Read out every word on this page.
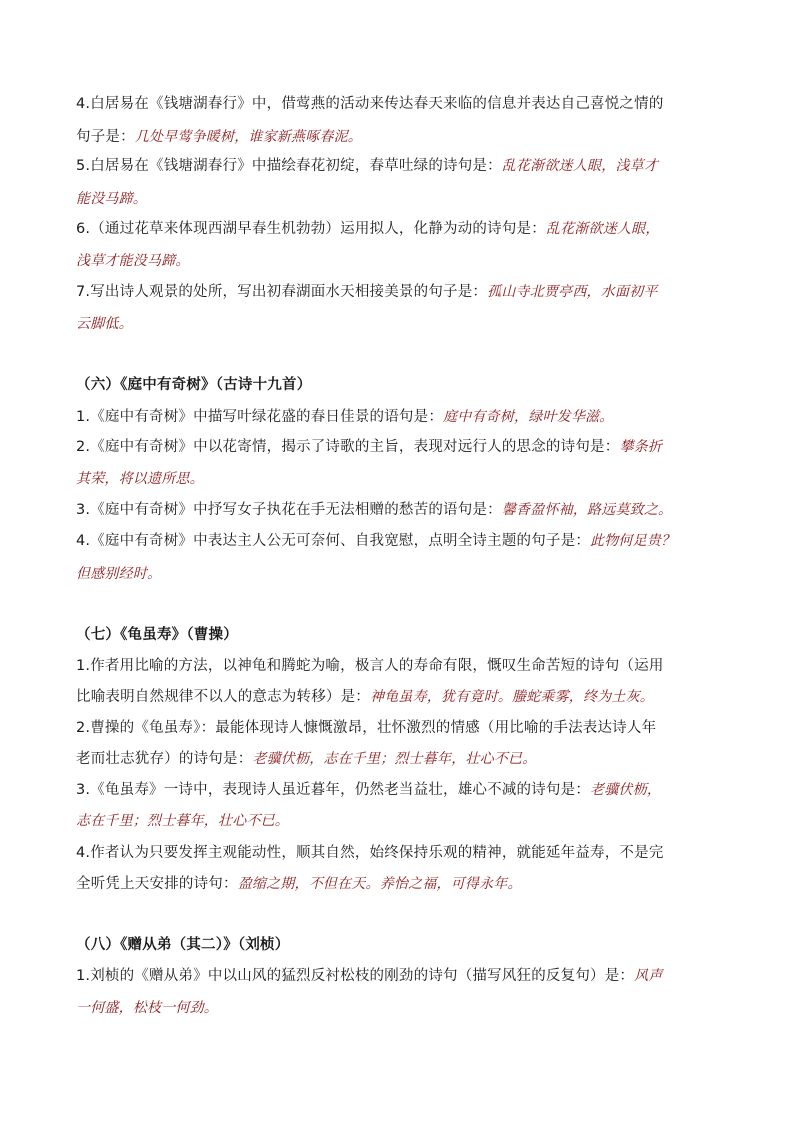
4.白居易在《钱塘湖春行》中，借莺燕的活动来传达春天来临的信息并表达自己喜悦之情的
句子是：几处早莺争暖树，谁家新燕啄春泥。
5.白居易在《钱塘湖春行》中描绘春花初绽，春草吐绿的诗句是：乱花渐欲迷人眼，浅草才
能没马蹄。
6.（通过花草来体现西湖早春生机勃勃）运用拟人，化静为动的诗句是：乱花渐欲迷人眼，
浅草才能没马蹄。
7.写出诗人观景的处所，写出初春湖面水天相接美景的句子是：孤山寺北贾亭西，水面初平
云脚低。
（六）《庭中有奇树》（古诗十九首）
1.《庭中有奇树》中描写叶绿花盛的春日佳景的语句是：庭中有奇树，绿叶发华滋。
2.《庭中有奇树》中以花寄情，揭示了诗歌的主旨，表现对远行人的思念的诗句是：攀条折
其荣，将以遗所思。
3.《庭中有奇树》中抒写女子执花在手无法相赠的愁苦的语句是：馨香盈怀袖，路远莫致之。
4.《庭中有奇树》中表达主人公无可奈何、自我宽慰，点明全诗主题的句子是：此物何足贵？
但感别经时。
（七）《龟虽寿》（曹操）
1.作者用比喻的方法，以神龟和腾蛇为喻，极言人的寿命有限，慨叹生命苦短的诗句（运用
比喻表明自然规律不以人的意志为转移）是：神龟虽寿，犹有竟时。螣蛇乘雾，终为土灰。
2.曹操的《龟虽寿》：最能体现诗人慷慨激昂，壮怀激烈的情感（用比喻的手法表达诗人年
老而壮志犹存）的诗句是：老骥伏枥，志在千里；烈士暮年，壮心不已。
3.《龟虽寿》一诗中，表现诗人虽近暮年，仍然老当益壮，雄心不减的诗句是：老骥伏枥，
志在千里；烈士暮年，壮心不已。
4.作者认为只要发挥主观能动性，顺其自然，始终保持乐观的精神，就能延年益寿，不是完
全听凭上天安排的诗句：盈缩之期，不但在天。养怡之福，可得永年。
（八）《赠从弟（其二）》（刘桢）
1.刘桢的《赠从弟》中以山风的猛烈反衬松枝的刚劲的诗句（描写风狂的反复句）是：风声
一何盛，松枝一何劲。
